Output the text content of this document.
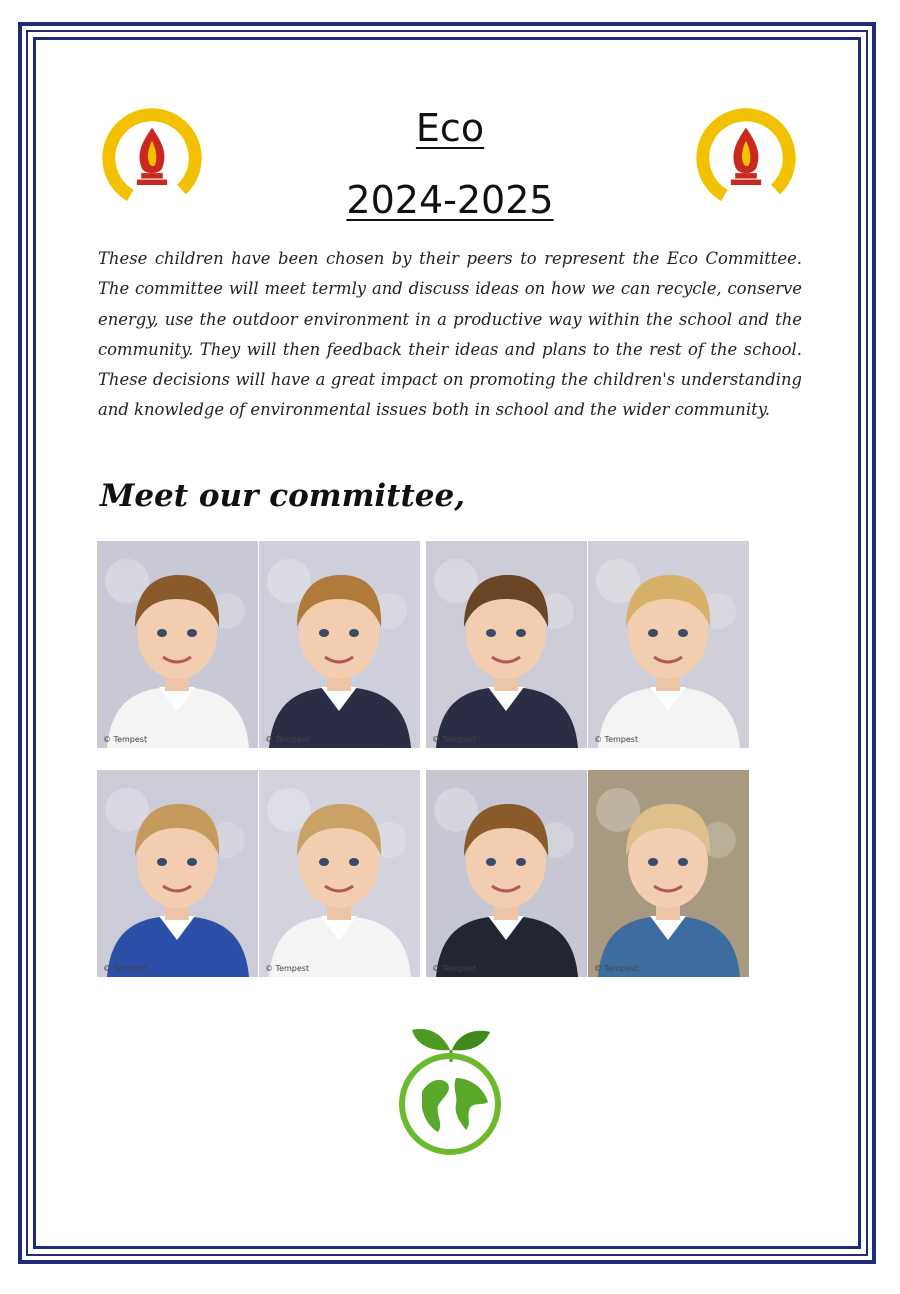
Eco
2024-2025

These children have been chosen by their peers to represent the Eco Committee. The committee will meet termly and discuss ideas on how we can recycle, conserve energy, use the outdoor environment in a productive way within the school and the community. They will then feedback their ideas and plans to the rest of the school. These decisions will have a great impact on promoting the children's understanding and knowledge of environmental issues both in school and the wider community.

Meet our committee,
© Tempest	© Tempest	© Tempest	© Tempest
© Tempest	© Tempest	© Tempest	© Tempest
